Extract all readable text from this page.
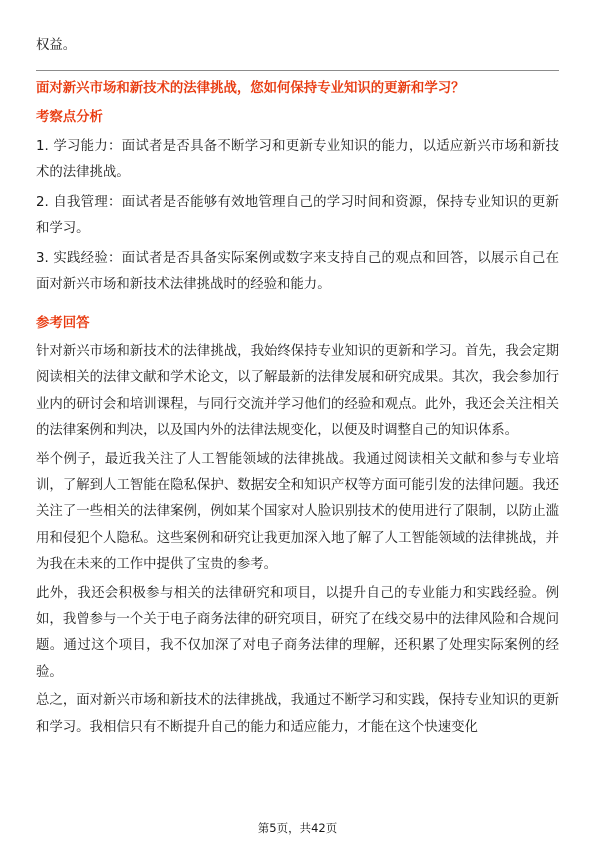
权益。
面对新兴市场和新技术的法律挑战，您如何保持专业知识的更新和学习？
考察点分析

1. 学习能力：面试者是否具备不断学习和更新专业知识的能力，以适应新兴市场和新技术的法律挑战。

2. 自我管理：面试者是否能够有效地管理自己的学习时间和资源，保持专业知识的更新和学习。

3. 实践经验：面试者是否具备实际案例或数字来支持自己的观点和回答，以展示自己在面对新兴市场和新技术法律挑战时的经验和能力。

参考回答

针对新兴市场和新技术的法律挑战，我始终保持专业知识的更新和学习。首先，我会定期阅读相关的法律文献和学术论文，以了解最新的法律发展和研究成果。其次，我会参加行业内的研讨会和培训课程，与同行交流并学习他们的经验和观点。此外，我还会关注相关的法律案例和判决，以及国内外的法律法规变化，以便及时调整自己的知识体系。

举个例子，最近我关注了人工智能领域的法律挑战。我通过阅读相关文献和参与专业培训，了解到人工智能在隐私保护、数据安全和知识产权等方面可能引发的法律问题。我还关注了一些相关的法律案例，例如某个国家对人脸识别技术的使用进行了限制，以防止滥用和侵犯个人隐私。这些案例和研究让我更加深入地了解了人工智能领域的法律挑战，并为我在未来的工作中提供了宝贵的参考。

此外，我还会积极参与相关的法律研究和项目，以提升自己的专业能力和实践经验。例如，我曾参与一个关于电子商务法律的研究项目，研究了在线交易中的法律风险和合规问题。通过这个项目，我不仅加深了对电子商务法律的理解，还积累了处理实际案例的经验。

总之，面对新兴市场和新技术的法律挑战，我通过不断学习和实践，保持专业知识的更新和学习。我相信只有不断提升自己的能力和适应能力，才能在这个快速变化

第5页，共42页
